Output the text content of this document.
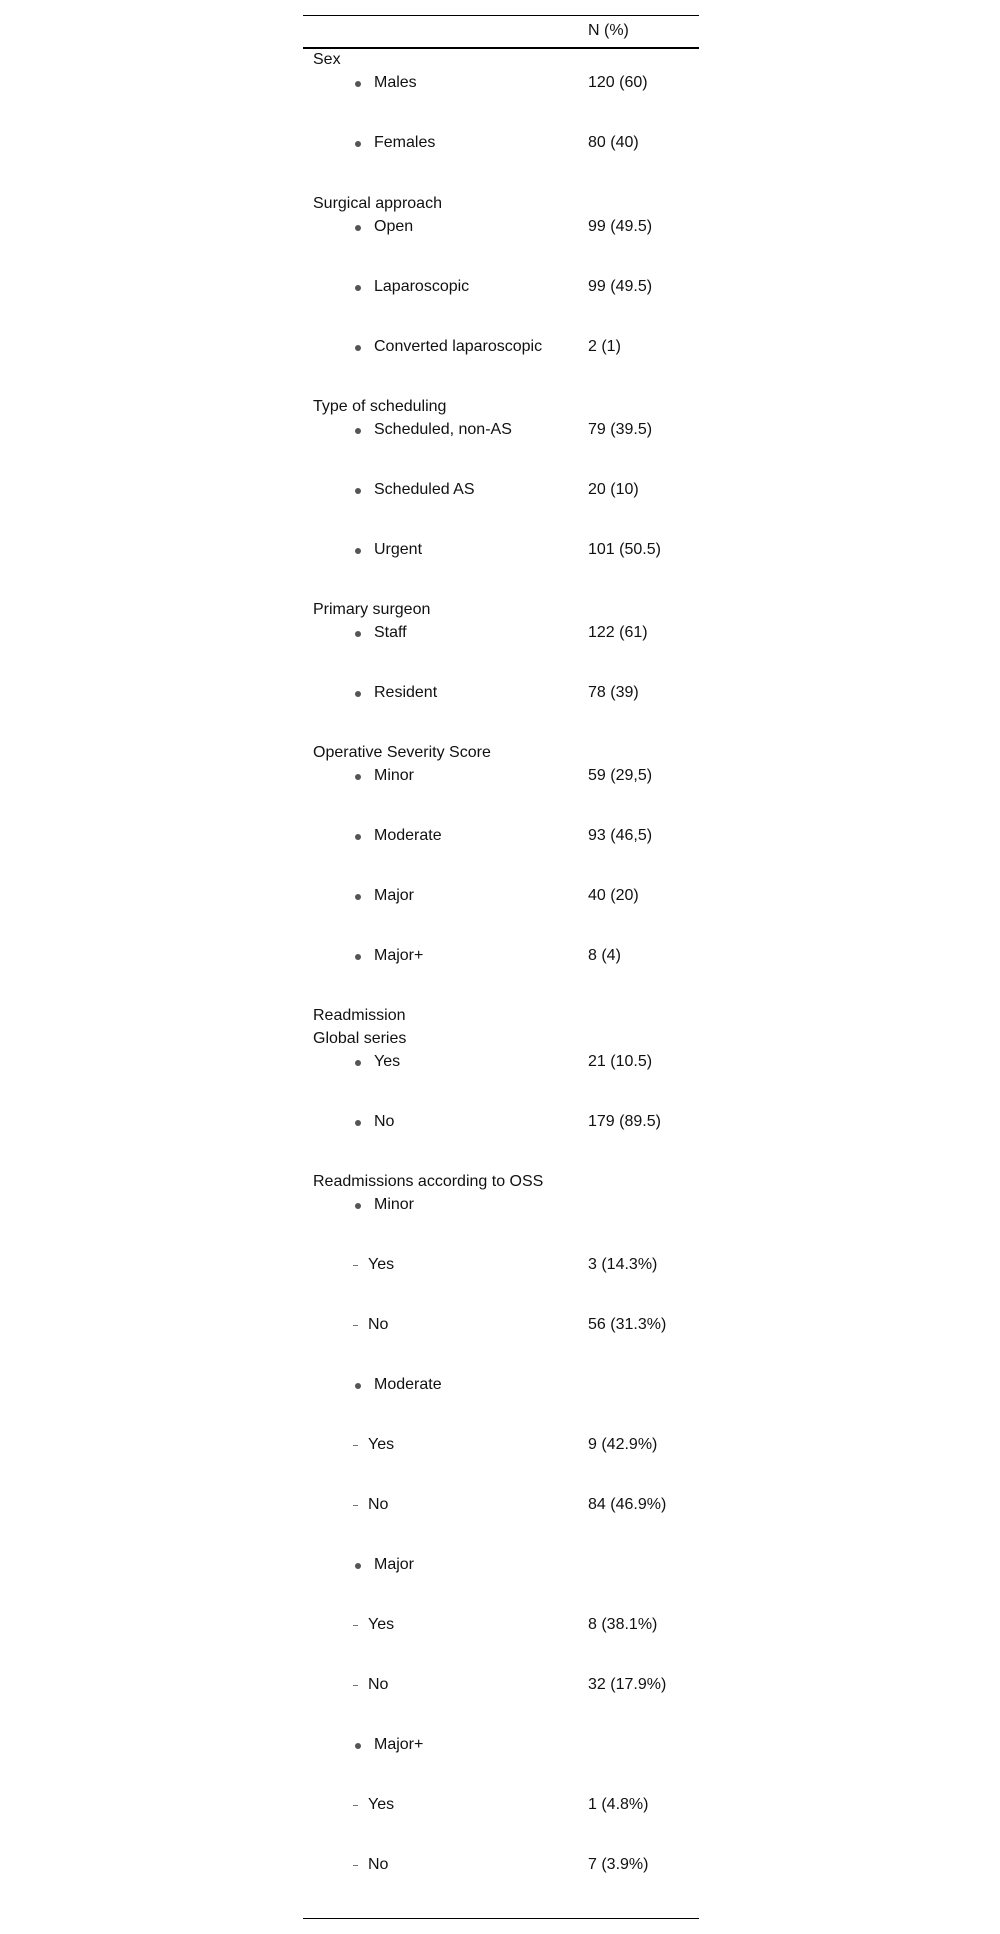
N (%)
Sex
Males	120 (60)
Females	80 (40)
Surgical approach
Open	99 (49.5)
Laparoscopic	99 (49.5)
Converted laparoscopic	2 (1)
Type of scheduling
Scheduled, non-AS	79 (39.5)
Scheduled AS	20 (10)
Urgent	101 (50.5)
Primary surgeon
Staff	122 (61)
Resident	78 (39)
Operative Severity Score
Minor	59 (29,5)
Moderate	93 (46,5)
Major	40 (20)
Major+	8 (4)
Readmission
Global series
Yes	21 (10.5)
No	179 (89.5)
Readmissions according to OSS
Minor
Yes	3 (14.3%)
No	56 (31.3%)
Moderate
Yes	9 (42.9%)
No	84 (46.9%)
Major
Yes	8 (38.1%)
No	32 (17.9%)
Major+
Yes	1 (4.8%)
No	7 (3.9%)
